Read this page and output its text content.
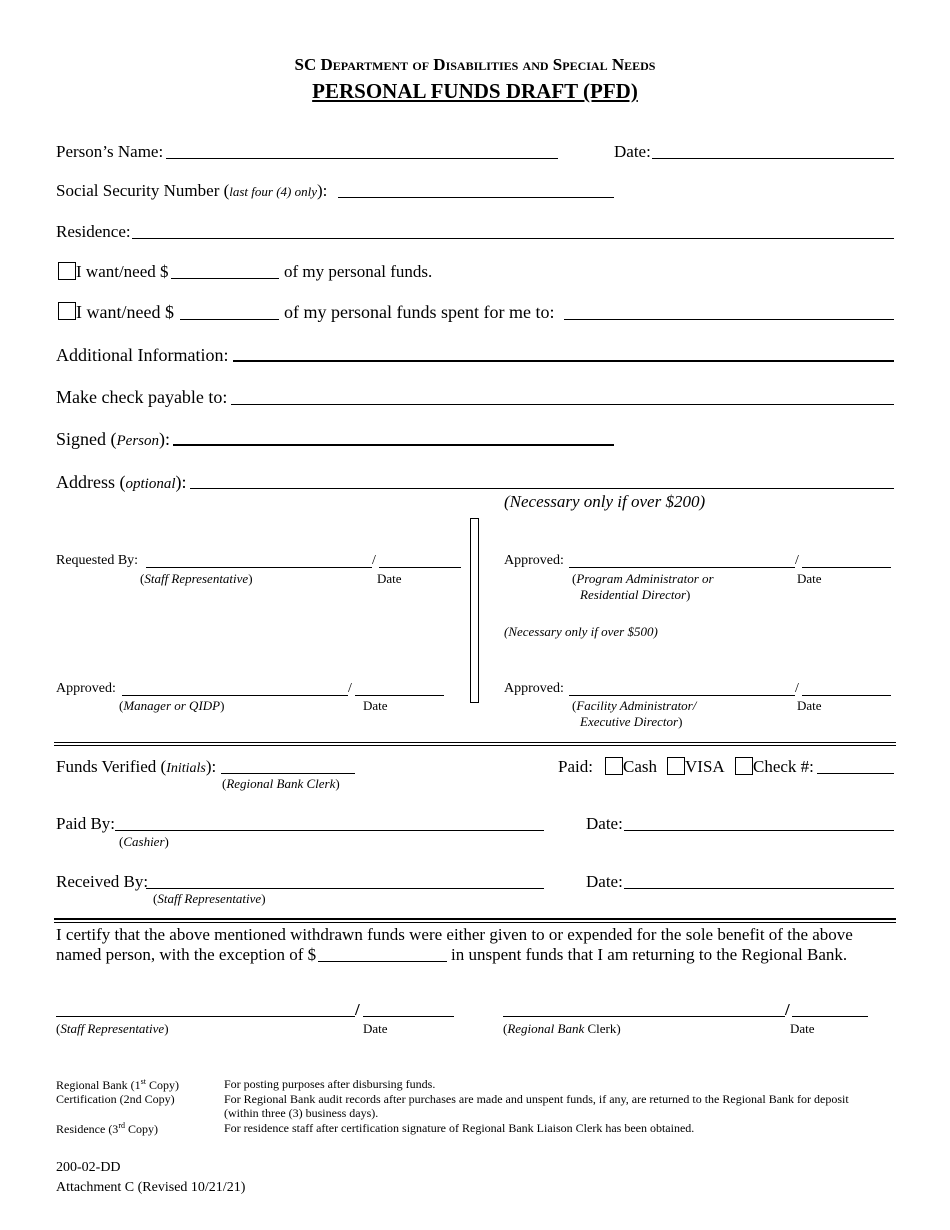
SC Department of Disabilities and Special Needs
PERSONAL FUNDS DRAFT (PFD)
Person’s Name:	Date:
Social Security Number (last four (4) only):
Residence:
I want/need $	of my personal funds.
I want/need $	of my personal funds spent for me to:
Additional Information:
Make check payable to:
Signed (Person):
Address (optional):
(Necessary only if over $200)
Requested By:	/
(Staff Representative)	Date
Approved:	/
(Program Administrator or
Residential Director)
Date
(Necessary only if over $500)
Approved:	/
(Manager or QIDP)	Date
Approved:	/
(Facility Administrator/
Executive Director)
Date
Funds Verified (Initials):
(Regional Bank Clerk)
Paid: Cash VISA Check #:
Paid By:
(Cashier)
Date:
Received By:
(Staff Representative)
Date:
I certify that the above mentioned withdrawn funds were either given to or expended for the sole benefit of the above
named person, with the exception of $	in unspent funds that I am returning to the Regional Bank.
/
(Staff Representative)	Date
/
(Regional Bank Clerk)	Date
Regional Bank (1st Copy)	For posting purposes after disbursing funds.
Certification (2nd Copy)	For Regional Bank audit records after purchases are made and unspent funds, if any, are returned to the Regional Bank for deposit
(within three (3) business days).
Residence (3rd Copy)	For residence staff after certification signature of Regional Bank Liaison Clerk has been obtained.
200-02-DD
Attachment C (Revised 10/21/21)
